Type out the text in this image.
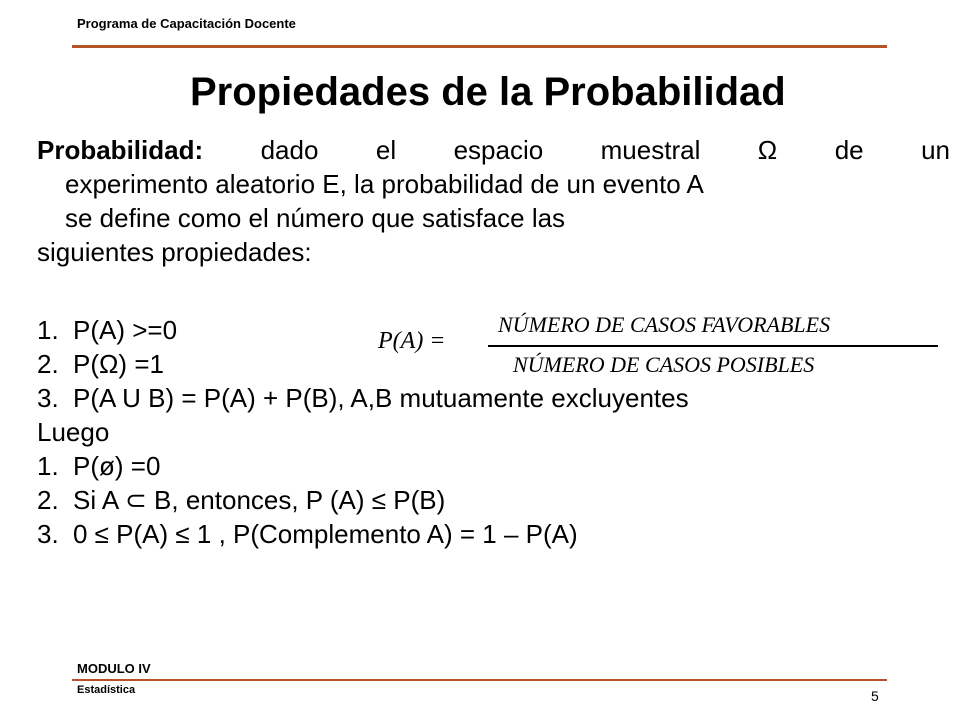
Programa de Capacitación Docente
Propiedades de la Probabilidad
Probabilidad: dado el espacio muestral Ω de un
experimento aleatorio E, la probabilidad de un evento A
se define como el número que satisface las
siguientes propiedades:
1. P(A) >=0
2. P(Ω) =1
3. P(A U B) = P(A) + P(B), A,B mutuamente excluyentes
Luego
1. P(ø) =0
2. Si A ⊂ B, entonces, P (A) ≤ P(B)
3. 0 ≤ P(A) ≤ 1 , P(Complemento A) = 1 – P(A)
P(A) =
NÚMERO DE CASOS FAVORABLES
NÚMERO DE CASOS POSIBLES
MODULO IV
Estadística	5
